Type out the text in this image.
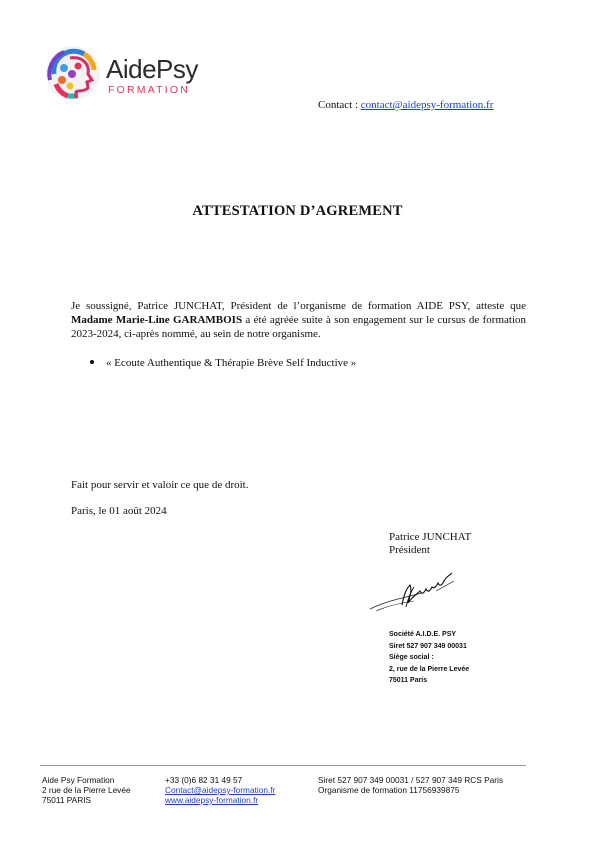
AidePsy
FORMATION
Contact : contact@aidepsy-formation.fr
ATTESTATION D’AGREMENT
Je soussigné, Patrice JUNCHAT, Président de l’organisme de formation AIDE PSY, atteste que Madame Marie-Line GARAMBOIS a été agréée suite à son engagement sur le cursus de formation 2023-2024, ci-après nommé, au sein de notre organisme.
« Ecoute Authentique & Thérapie Brève Self Inductive »
Fait pour servir et valoir ce que de droit.
Paris, le 01 août 2024
Patrice JUNCHAT
Président
Société A.I.D.E. PSY
Siret 527 907 349 00031
Siège social :
2, rue de la Pierre Levée
75011 Paris
Aide Psy Formation
2 rue de la Pierre Levée
75011 PARIS
+33 (0)6 82 31 49 57
Contact@aidepsy-formation.fr
www.aidepsy-formation.fr
Siret 527 907 349 00031 / 527 907 349 RCS Paris
Organisme de formation 11756939875
